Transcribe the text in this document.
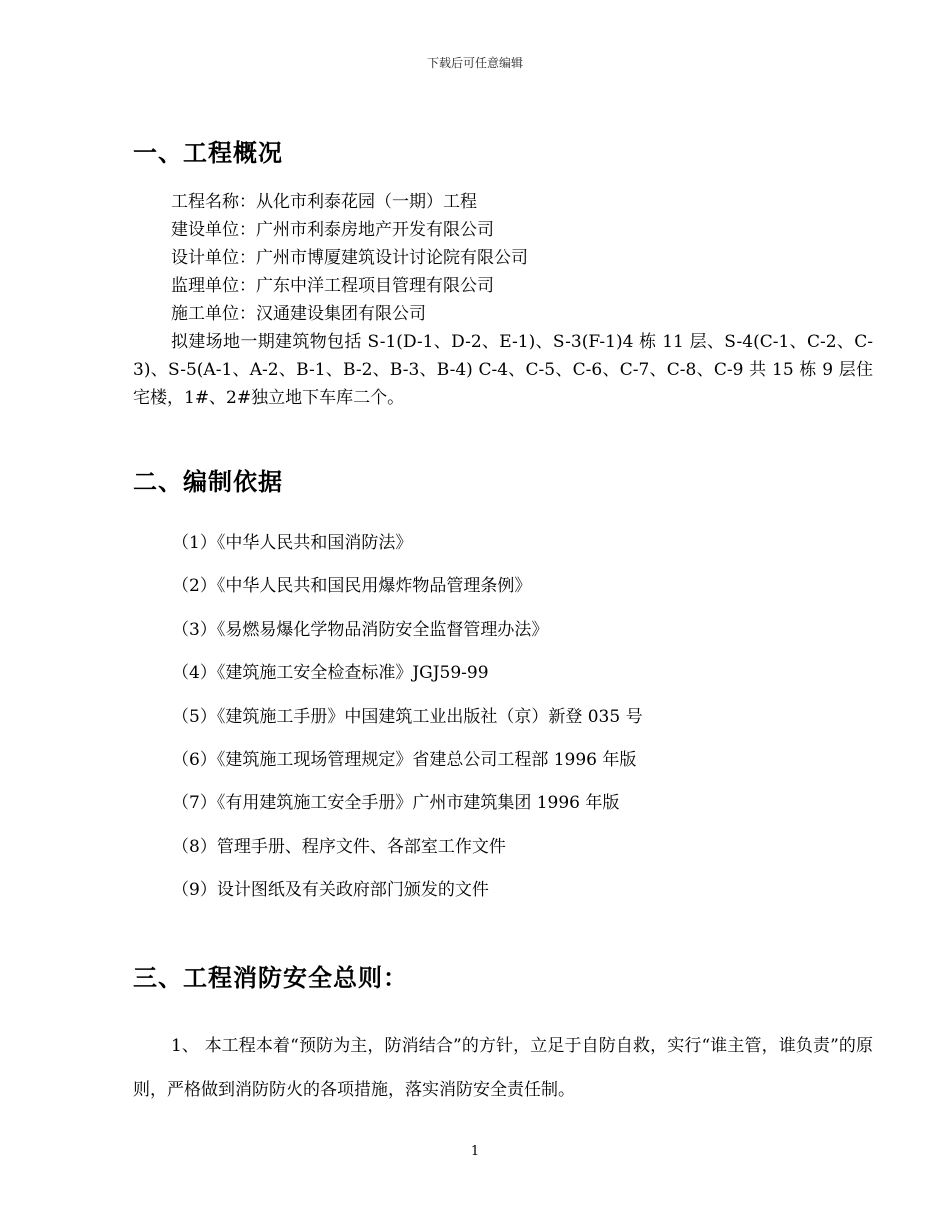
下载后可任意编辑
一、工程概况
工程名称：从化市利泰花园（一期）工程
建设单位：广州市利泰房地产开发有限公司
设计单位：广州市博厦建筑设计讨论院有限公司
监理单位：广东中洋工程项目管理有限公司
施工单位：汉通建设集团有限公司
拟建场地一期建筑物包括 S-1(D-1、D-2、E-1)、S-3(F-1)4 栋 11 层、S-4(C-1、C-2、C-3)、S-5(A-1、A-2、B-1、B-2、B-3、B-4) C-4、C-5、C-6、C-7、C-8、C-9 共 15 栋 9 层住宅楼，1#、2#独立地下车库二个。
二、编制依据
（1）《中华人民共和国消防法》
（2）《中华人民共和国民用爆炸物品管理条例》
（3）《易燃易爆化学物品消防安全监督管理办法》
（4）《建筑施工安全检查标准》JGJ59-99
（5）《建筑施工手册》中国建筑工业出版社（京）新登 035 号
（6）《建筑施工现场管理规定》省建总公司工程部 1996 年版
（7）《有用建筑施工安全手册》广州市建筑集团 1996 年版
（8）管理手册、程序文件、各部室工作文件
（9）设计图纸及有关政府部门颁发的文件
三、工程消防安全总则：
1、 本工程本着“预防为主，防消结合”的方针，立足于自防自救，实行“谁主管，谁负责”的原则，严格做到消防防火的各项措施，落实消防安全责任制。
1
